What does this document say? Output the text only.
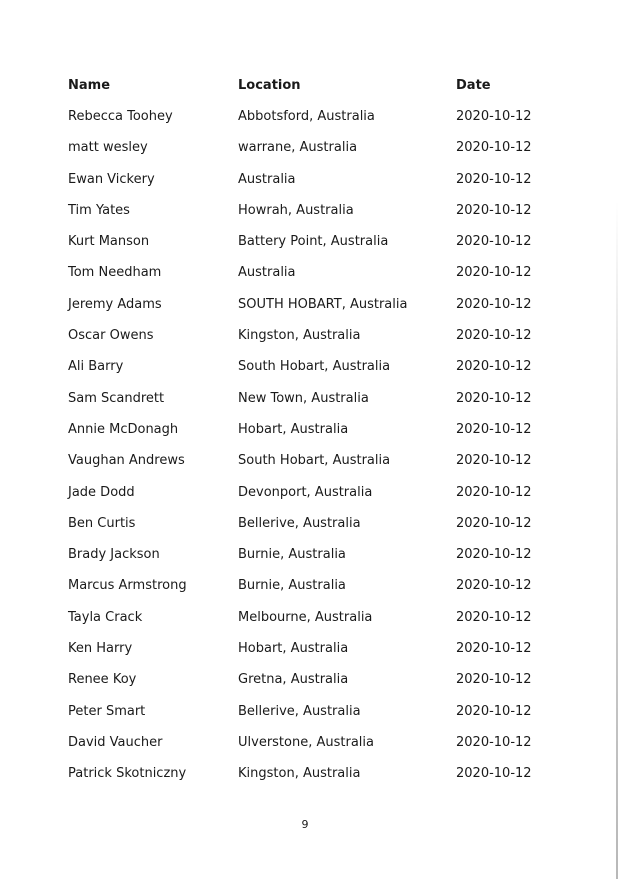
Name	Location	Date
Rebecca Toohey	Abbotsford, Australia	2020-10-12
matt wesley	warrane, Australia	2020-10-12
Ewan Vickery	Australia	2020-10-12
Tim Yates	Howrah, Australia	2020-10-12
Kurt Manson	Battery Point, Australia	2020-10-12
Tom Needham	Australia	2020-10-12
Jeremy Adams	SOUTH HOBART, Australia	2020-10-12
Oscar Owens	Kingston, Australia	2020-10-12
Ali Barry	South Hobart, Australia	2020-10-12
Sam Scandrett	New Town, Australia	2020-10-12
Annie McDonagh	Hobart, Australia	2020-10-12
Vaughan Andrews	South Hobart, Australia	2020-10-12
Jade Dodd	Devonport, Australia	2020-10-12
Ben Curtis	Bellerive, Australia	2020-10-12
Brady Jackson	Burnie, Australia	2020-10-12
Marcus Armstrong	Burnie, Australia	2020-10-12
Tayla Crack	Melbourne, Australia	2020-10-12
Ken Harry	Hobart, Australia	2020-10-12
Renee Koy	Gretna, Australia	2020-10-12
Peter Smart	Bellerive, Australia	2020-10-12
David Vaucher	Ulverstone, Australia	2020-10-12
Patrick Skotniczny	Kingston, Australia	2020-10-12
9
